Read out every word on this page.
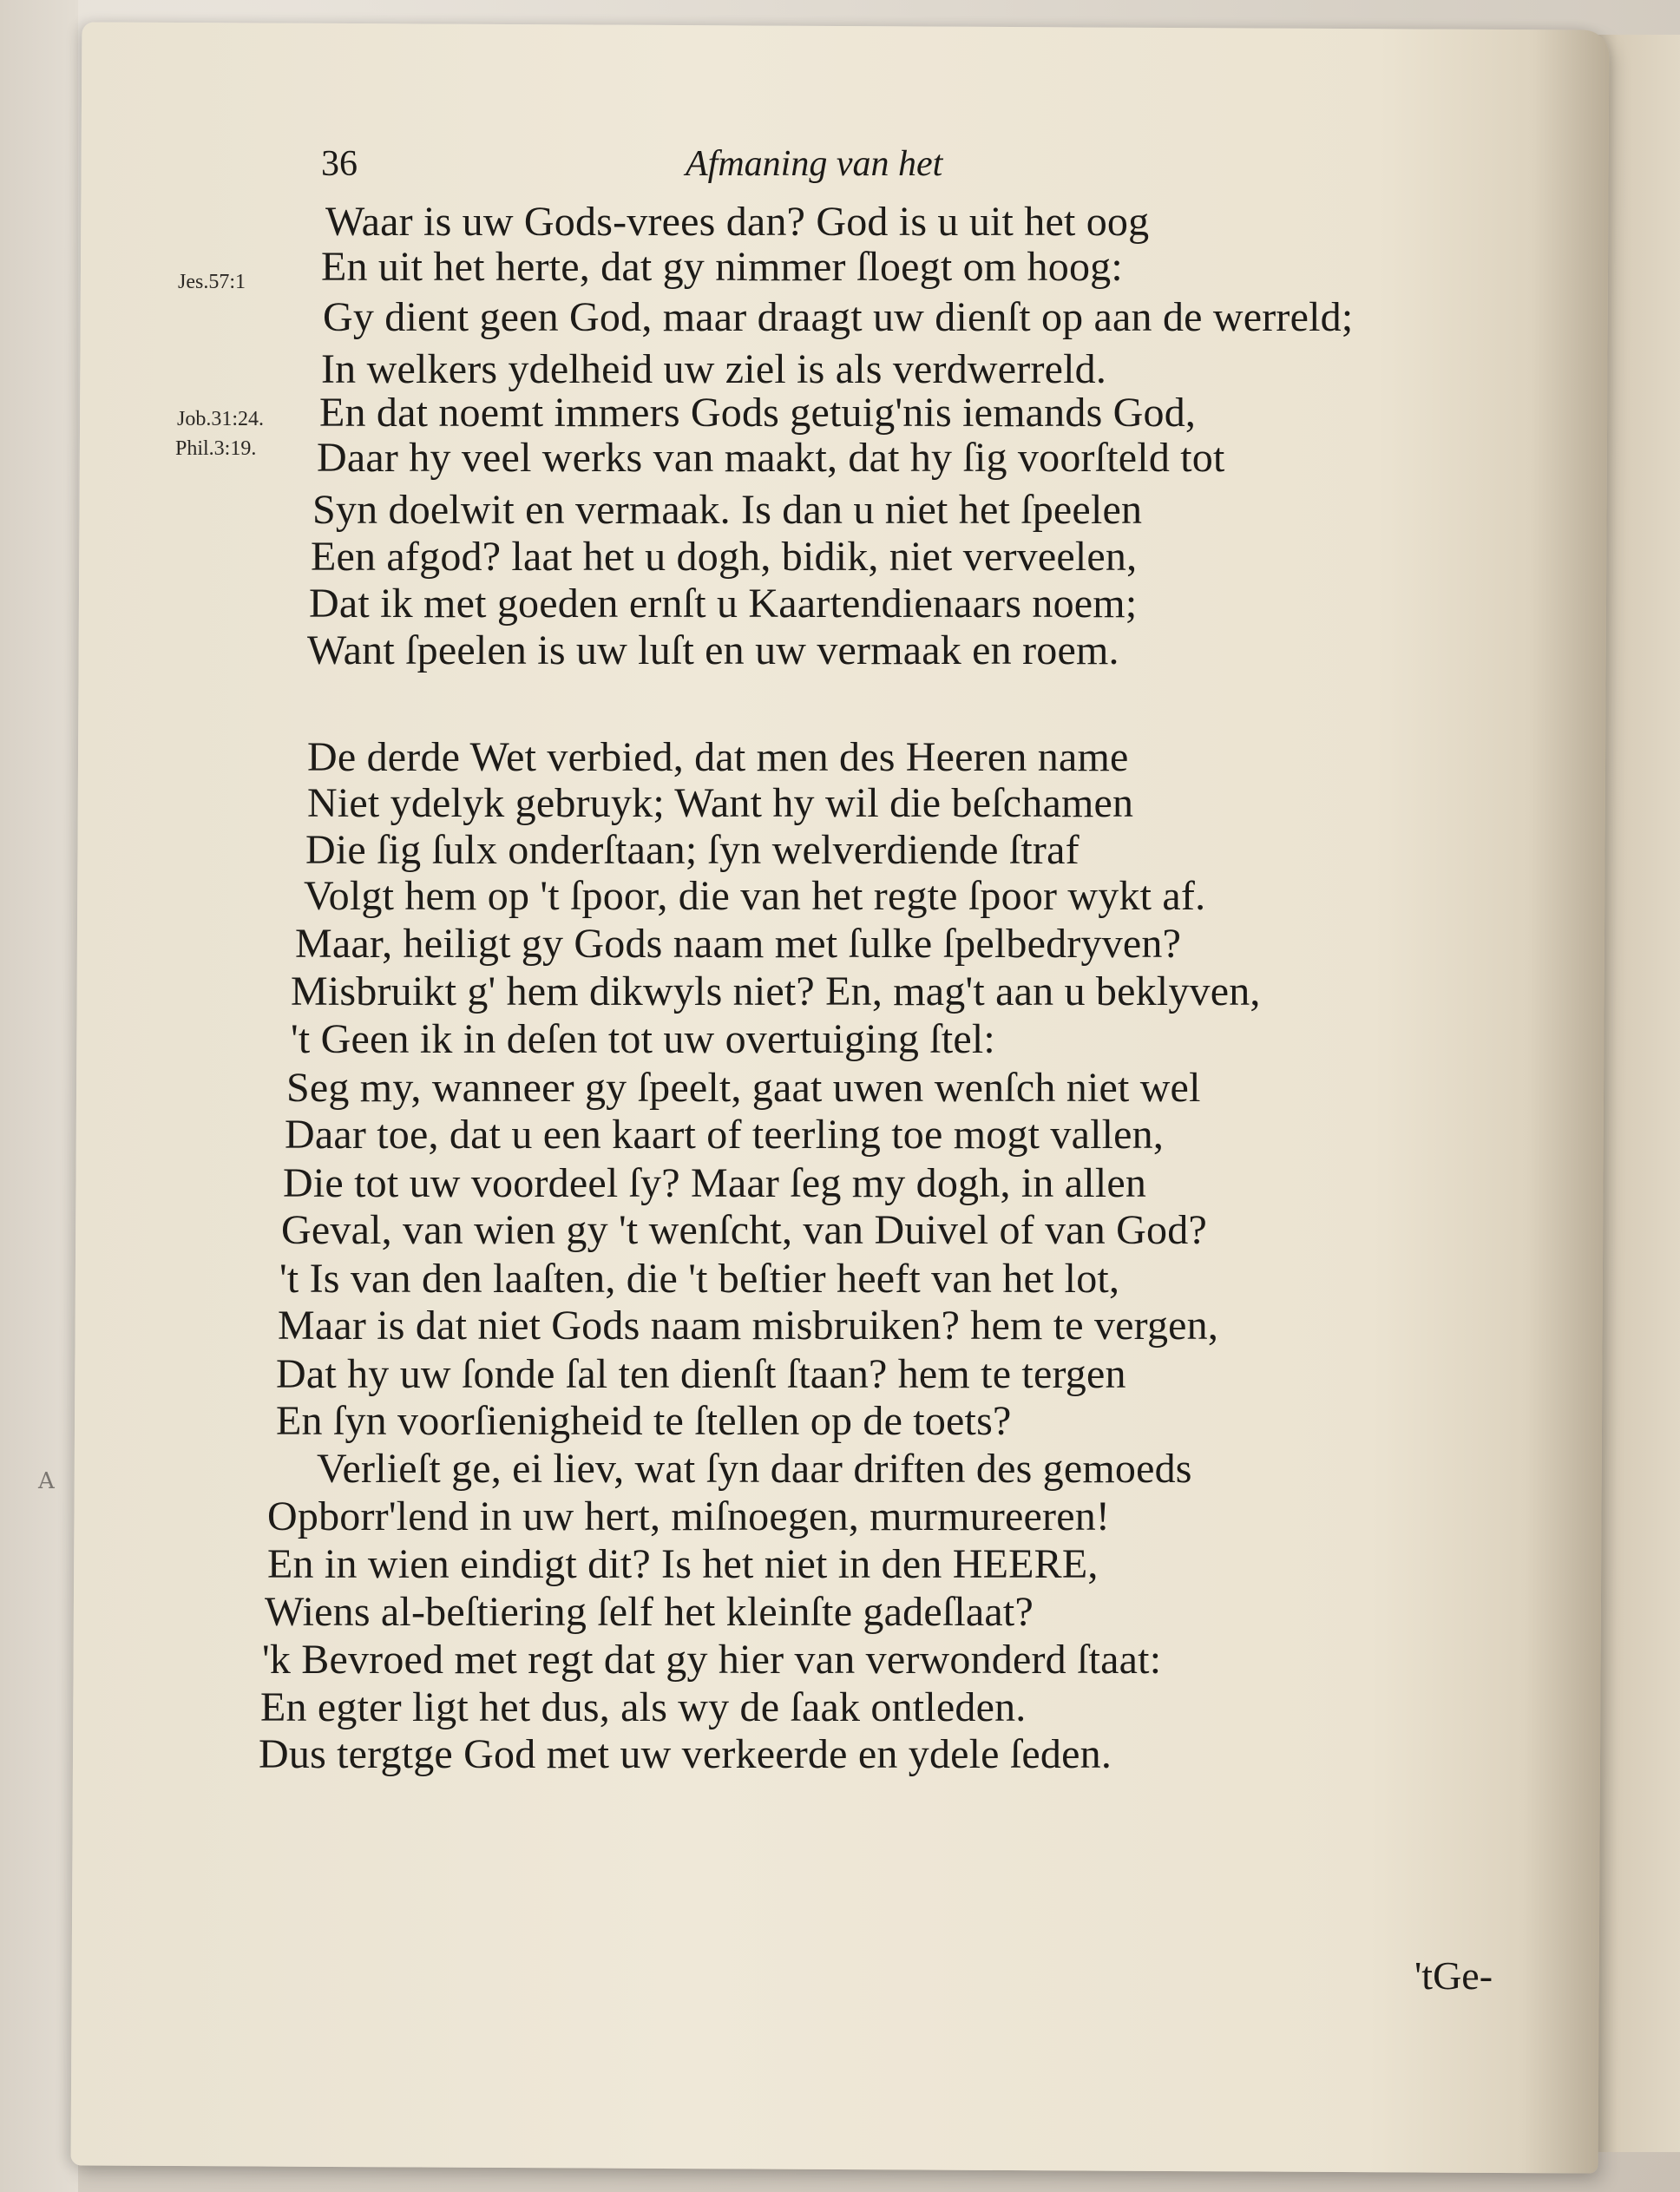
36	Afmaning van het
Jes.57:1
Job.31:24.
Phil.3:19.
Waar is uw Gods-vrees dan? God is u uit het oog
En uit het herte, dat gy nimmer ſloegt om hoog:
Gy dient geen God, maar draagt uw dienſt op aan de werreld;
In welkers ydelheid uw ziel is als verdwerreld.
En dat noemt immers Gods getuig'nis iemands God,
Daar hy veel werks van maakt, dat hy ſig voorſteld tot
Syn doelwit en vermaak. Is dan u niet het ſpeelen
Een afgod? laat het u dogh, bidik, niet verveelen,
Dat ik met goeden ernſt u Kaartendienaars noem;
Want ſpeelen is uw luſt en uw vermaak en roem.
De derde Wet verbied, dat men des Heeren name
Niet ydelyk gebruyk; Want hy wil die beſchamen
Die ſig ſulx onderſtaan; ſyn welverdiende ſtraf
Volgt hem op 't ſpoor, die van het regte ſpoor wykt af.
Maar, heiligt gy Gods naam met ſulke ſpelbedryven?
Misbruikt g' hem dikwyls niet? En, mag't aan u beklyven,
't Geen ik in deſen tot uw overtuiging ſtel:
Seg my, wanneer gy ſpeelt, gaat uwen wenſch niet wel
Daar toe, dat u een kaart of teerling toe mogt vallen,
Die tot uw voordeel ſy? Maar ſeg my dogh, in allen
Geval, van wien gy 't wenſcht, van Duivel of van God?
't Is van den laaſten, die 't beſtier heeft van het lot,
Maar is dat niet Gods naam misbruiken? hem te vergen,
Dat hy uw ſonde ſal ten dienſt ſtaan? hem te tergen
En ſyn voorſienigheid te ſtellen op de toets?
Verlieſt ge, ei liev, wat ſyn daar driften des gemoeds
Opborr'lend in uw hert, miſnoegen, murmureeren!
En in wien eindigt dit? Is het niet in den HEERE,
Wiens al-beſtiering ſelf het kleinſte gadeſlaat?
'k Bevroed met regt dat gy hier van verwonderd ſtaat:
En egter ligt het dus, als wy de ſaak ontleden.
Dus tergtge God met uw verkeerde en ydele ſeden.
'tGe-
A
